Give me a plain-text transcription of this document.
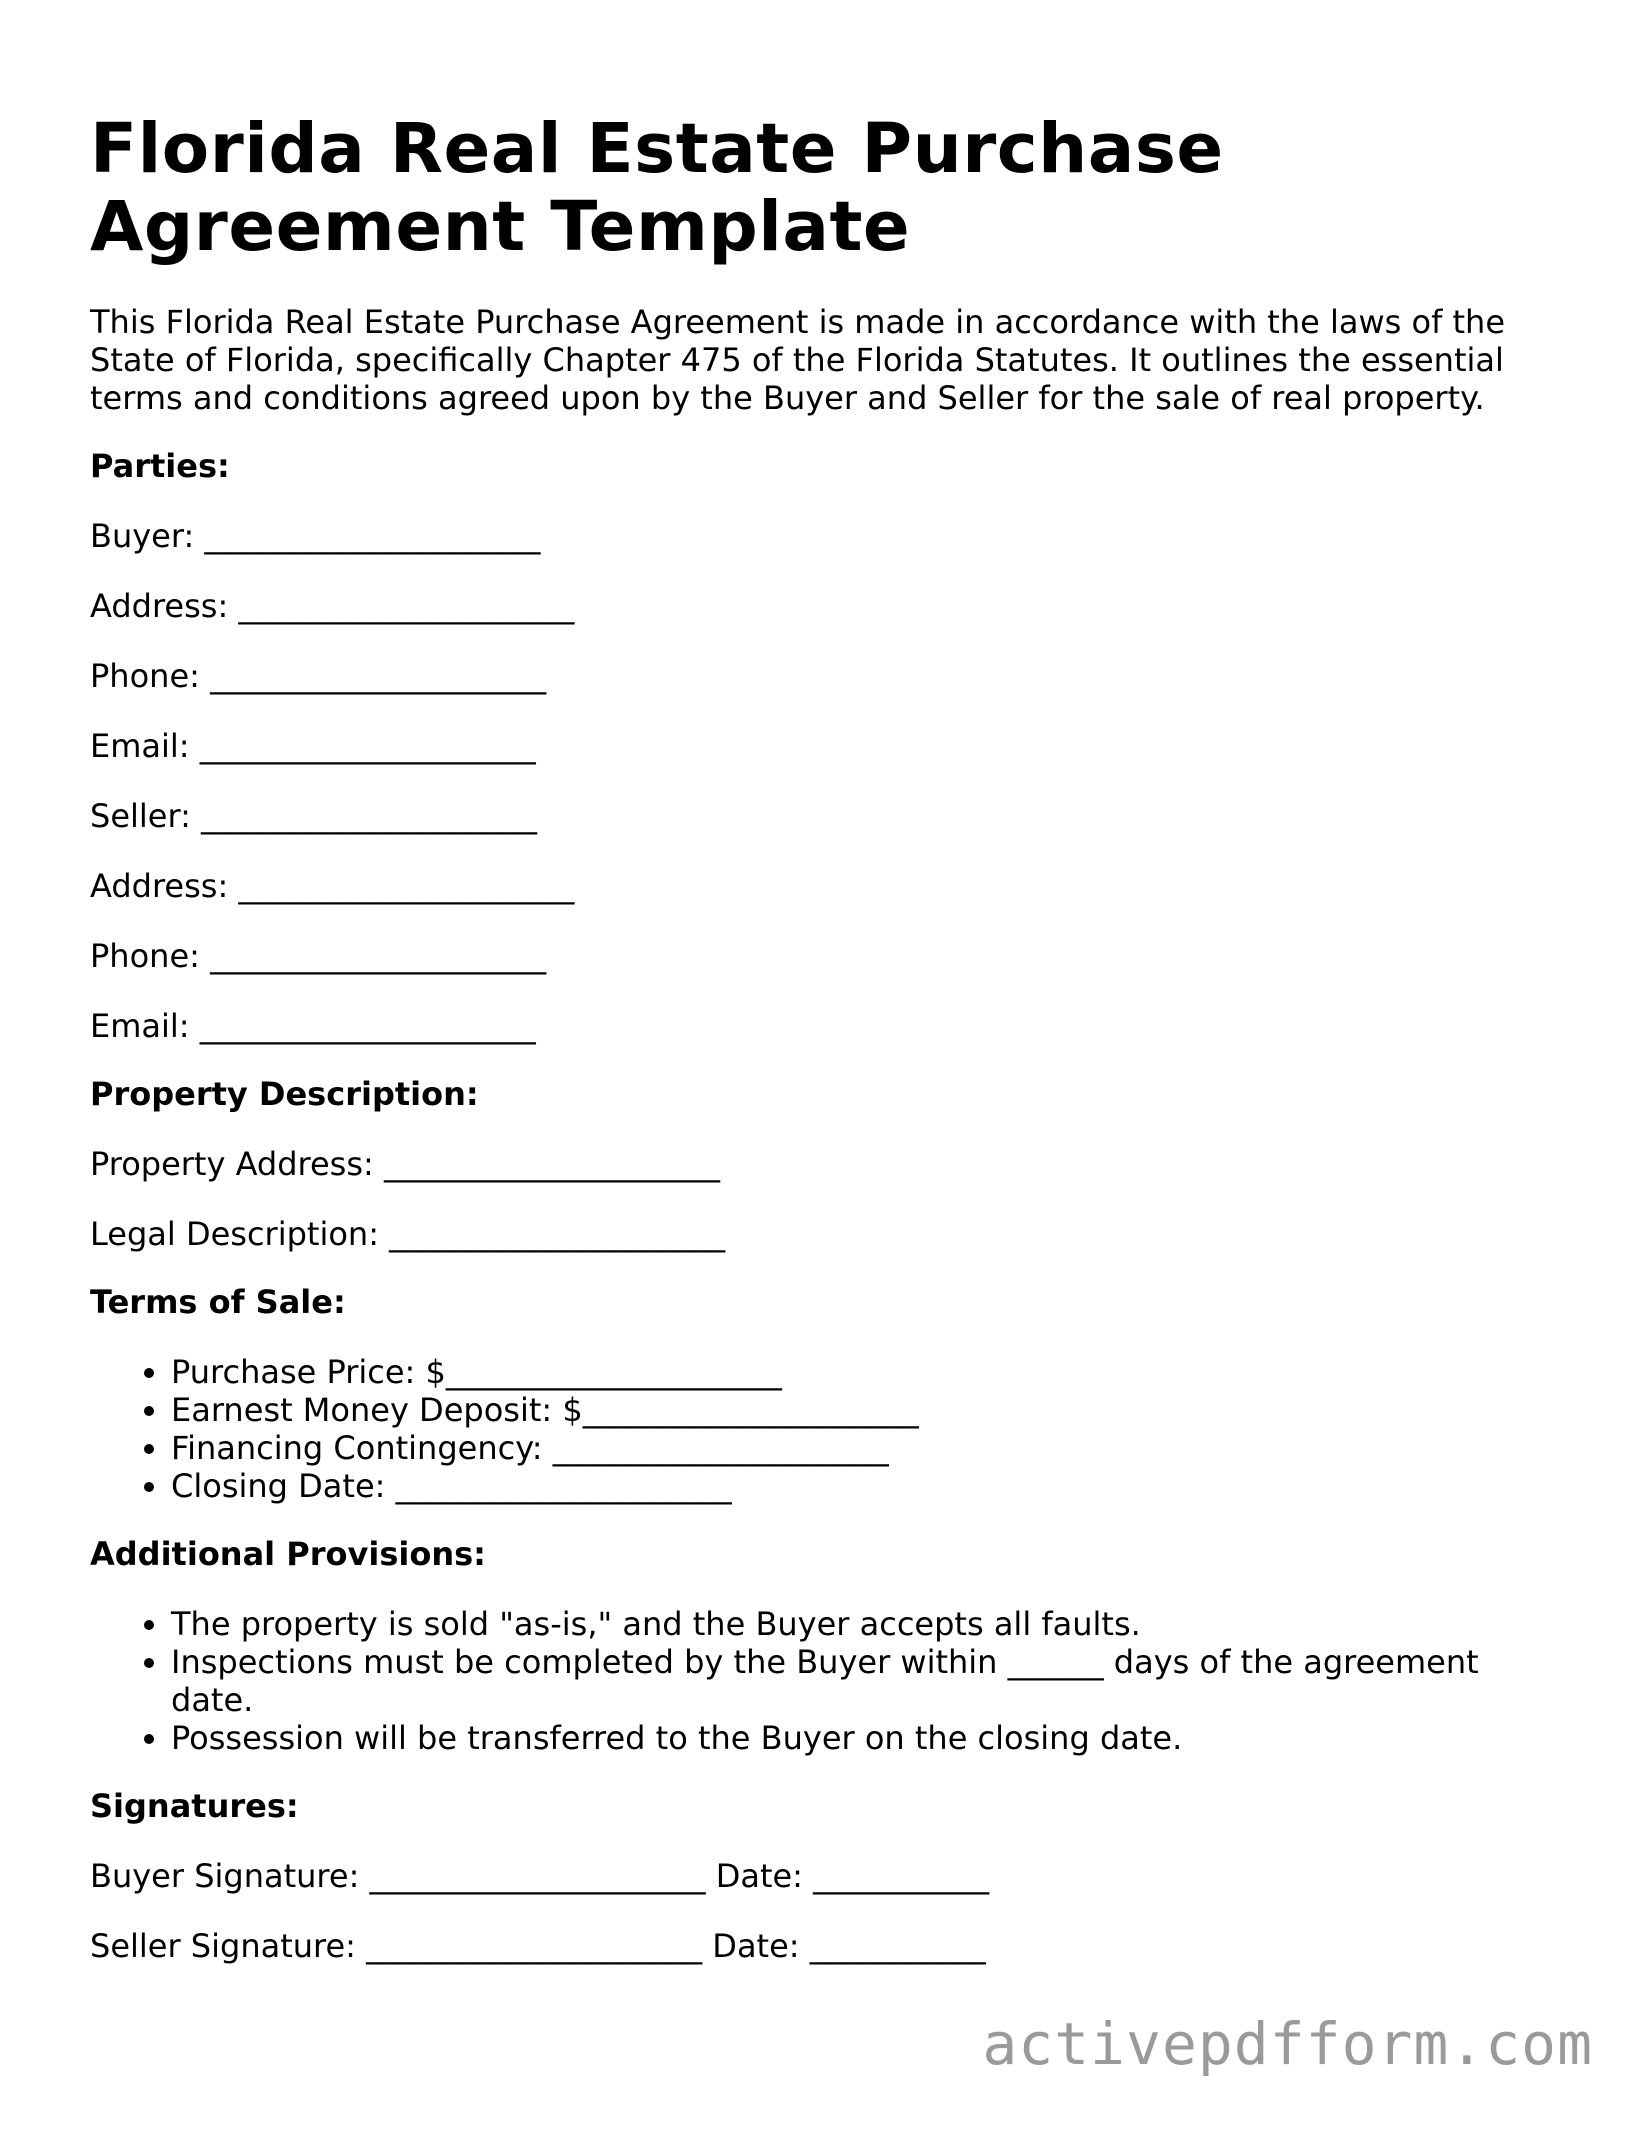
Florida Real Estate Purchase Agreement Template

This Florida Real Estate Purchase Agreement is made in accordance with the laws of the State of Florida, specifically Chapter 475 of the Florida Statutes. It outlines the essential terms and conditions agreed upon by the Buyer and Seller for the sale of real property.

Parties:
Buyer: _____________________
Address: _____________________
Phone: _____________________
Email: _____________________
Seller: _____________________
Address: _____________________
Phone: _____________________
Email: _____________________
Property Description:
Property Address: _____________________
Legal Description: _____________________
Terms of Sale:
• Purchase Price: $_____________________
• Earnest Money Deposit: $_____________________
• Financing Contingency: _____________________
• Closing Date: _____________________
Additional Provisions:
• The property is sold "as-is," and the Buyer accepts all faults.
• Inspections must be completed by the Buyer within ______ days of the agreement date.
• Possession will be transferred to the Buyer on the closing date.
Signatures:
Buyer Signature: _____________________ Date: ___________
Seller Signature: _____________________ Date: ___________
activepdfform.com
